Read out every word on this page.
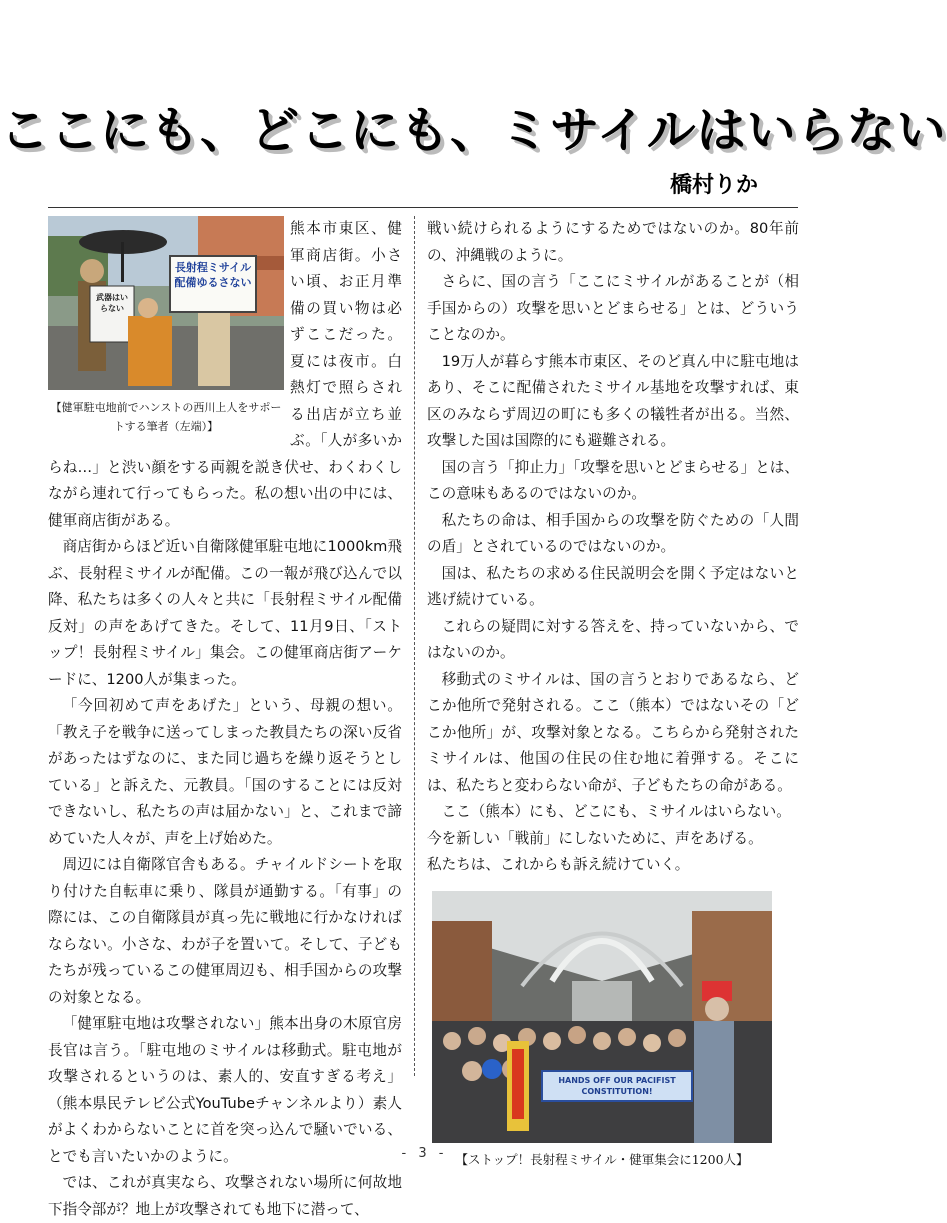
ここにも、どこにも、ミサイルはいらない
橋村りか
長射程ミサイル配備ゆるさない
武器はいらない
【健軍駐屯地前でハンストの西川上人をサポートする筆者（左端）】

熊本市東区、健軍商店街。小さい頃、お正月準備の買い物は必ずここだった。夏には夜市。白熱灯で照らされる出店が立ち並ぶ。「人が多いからね…」と渋い顔をする両親を説き伏せ、わくわくしながら連れて行ってもらった。私の想い出の中には、健軍商店街がある。

商店街からほど近い自衛隊健軍駐屯地に1000km飛ぶ、長射程ミサイルが配備。この一報が飛び込んで以降、私たちは多くの人々と共に「長射程ミサイル配備反対」の声をあげてきた。そして、11月9日、「ストップ！長射程ミサイル」集会。この健軍商店街アーケードに、1200人が集まった。

「今回初めて声をあげた」という、母親の想い。「教え子を戦争に送ってしまった教員たちの深い反省があったはずなのに、また同じ過ちを繰り返そうとしている」と訴えた、元教員。「国のすることには反対できないし、私たちの声は届かない」と、これまで諦めていた人々が、声を上げ始めた。

周辺には自衛隊官舎もある。チャイルドシートを取り付けた自転車に乗り、隊員が通勤する。「有事」の際には、この自衛隊員が真っ先に戦地に行かなければならない。小さな、わが子を置いて。そして、子どもたちが残っているこの健軍周辺も、相手国からの攻撃の対象となる。

「健軍駐屯地は攻撃されない」熊本出身の木原官房長官は言う。「駐屯地のミサイルは移動式。駐屯地が攻撃されるというのは、素人的、安直すぎる考え」（熊本県民テレビ公式YouTubeチャンネルより）素人がよくわからないことに首を突っ込んで騒いでいる、とでも言いたいかのように。

では、これが真実なら、攻撃されない場所に何故地下指令部が？地上が攻撃されても地下に潜って、

戦い続けられるようにするためではないのか。80年前の、沖縄戦のように。

さらに、国の言う「ここにミサイルがあることが（相手国からの）攻撃を思いとどまらせる」とは、どういうことなのか。

19万人が暮らす熊本市東区、そのど真ん中に駐屯地はあり、そこに配備されたミサイル基地を攻撃すれば、東区のみならず周辺の町にも多くの犠牲者が出る。当然、攻撃した国は国際的にも避難される。

国の言う「抑止力」「攻撃を思いとどまらせる」とは、この意味もあるのではないのか。

私たちの命は、相手国からの攻撃を防ぐための「人間の盾」とされているのではないのか。

国は、私たちの求める住民説明会を開く予定はないと逃げ続けている。

これらの疑問に対する答えを、持っていないから、ではないのか。

移動式のミサイルは、国の言うとおりであるなら、どこか他所で発射される。ここ（熊本）ではないその「どこか他所」が、攻撃対象となる。こちらから発射されたミサイルは、他国の住民の住む地に着弾する。そこには、私たちと変わらない命が、子どもたちの命がある。

ここ（熊本）にも、どこにも、ミサイルはいらない。

今を新しい「戦前」にしないために、声をあげる。

私たちは、これからも訴え続けていく。

HANDS OFF OUR PACIFIST CONSTITUTION!
【ストップ！長射程ミサイル・健軍集会に1200人】
- 3 -
